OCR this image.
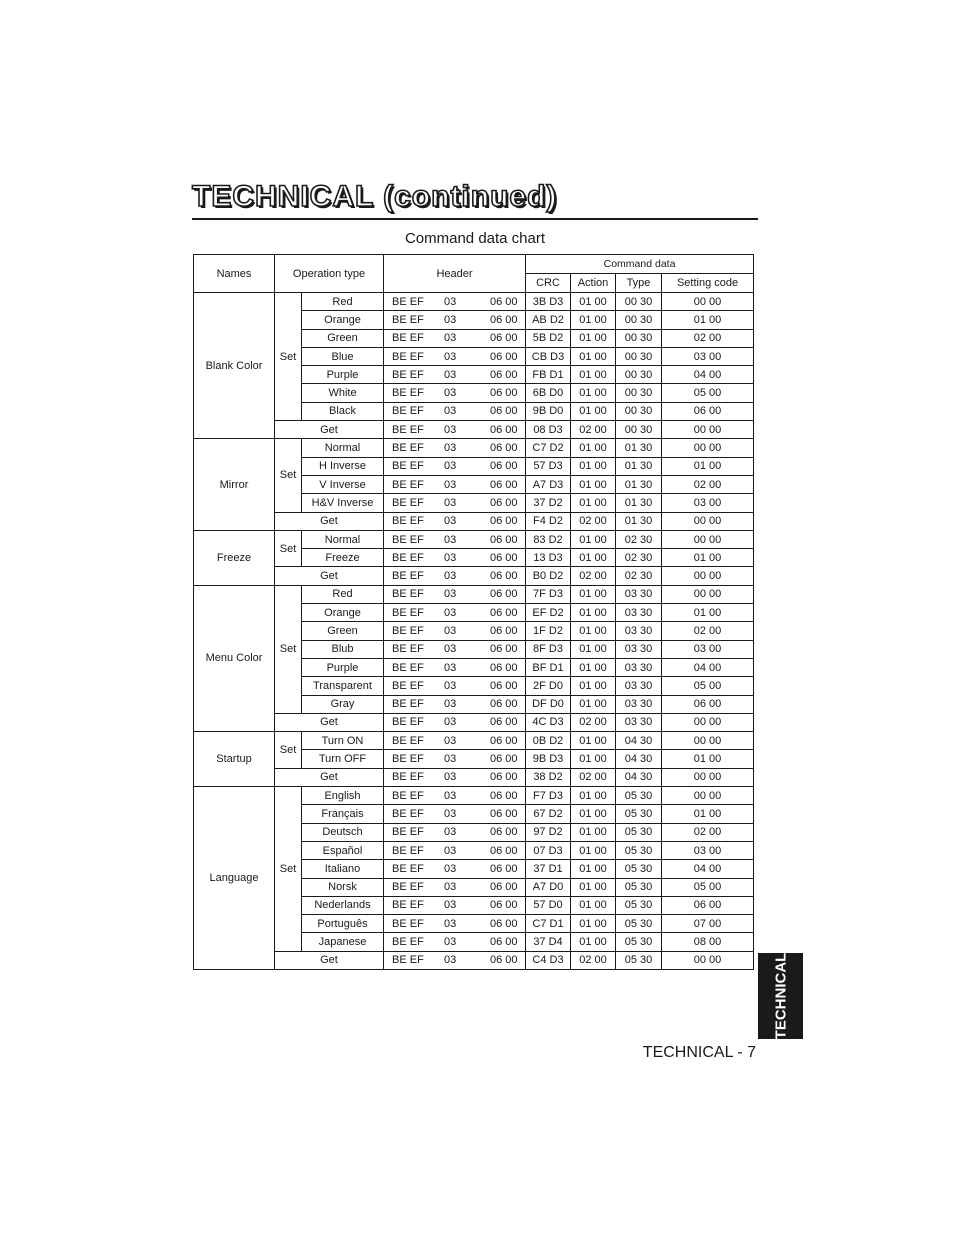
TECHNICAL (continued)
Command data chart
Names	Operation type		Header	Command data			
				CRC	Action	Type	Setting code
Blank Color	Set	Red	BE EF 03 06 00	3B D3	01 00	00 30	00 00
		Orange	BE EF 03 06 00	AB D2	01 00	00 30	01 00
		Green	BE EF 03 06 00	5B D2	01 00	00 30	02 00
		Blue	BE EF 03 06 00	CB D3	01 00	00 30	03 00
		Purple	BE EF 03 06 00	FB D1	01 00	00 30	04 00
		White	BE EF 03 06 00	6B D0	01 00	00 30	05 00
		Black	BE EF 03 06 00	9B D0	01 00	00 30	06 00
	Get		BE EF 03 06 00	08 D3	02 00	00 30	00 00
Mirror	Set	Normal	BE EF 03 06 00	C7 D2	01 00	01 30	00 00
		H Inverse	BE EF 03 06 00	57 D3	01 00	01 30	01 00
		V Inverse	BE EF 03 06 00	A7 D3	01 00	01 30	02 00
		H&V Inverse	BE EF 03 06 00	37 D2	01 00	01 30	03 00
	Get		BE EF 03 06 00	F4 D2	02 00	01 30	00 00
Freeze	Set	Normal	BE EF 03 06 00	83 D2	01 00	02 30	00 00
		Freeze	BE EF 03 06 00	13 D3	01 00	02 30	01 00
	Get		BE EF 03 06 00	B0 D2	02 00	02 30	00 00
Menu Color	Set	Red	BE EF 03 06 00	7F D3	01 00	03 30	00 00
		Orange	BE EF 03 06 00	EF D2	01 00	03 30	01 00
		Green	BE EF 03 06 00	1F D2	01 00	03 30	02 00
		Blub	BE EF 03 06 00	8F D3	01 00	03 30	03 00
		Purple	BE EF 03 06 00	BF D1	01 00	03 30	04 00
		Transparent	BE EF 03 06 00	2F D0	01 00	03 30	05 00
		Gray	BE EF 03 06 00	DF D0	01 00	03 30	06 00
	Get		BE EF 03 06 00	4C D3	02 00	03 30	00 00
Startup	Set	Turn ON	BE EF 03 06 00	0B D2	01 00	04 30	00 00
		Turn OFF	BE EF 03 06 00	9B D3	01 00	04 30	01 00
	Get		BE EF 03 06 00	38 D2	02 00	04 30	00 00
Language	Set	English	BE EF 03 06 00	F7 D3	01 00	05 30	00 00
		Français	BE EF 03 06 00	67 D2	01 00	05 30	01 00
		Deutsch	BE EF 03 06 00	97 D2	01 00	05 30	02 00
		Español	BE EF 03 06 00	07 D3	01 00	05 30	03 00
		Italiano	BE EF 03 06 00	37 D1	01 00	05 30	04 00
		Norsk	BE EF 03 06 00	A7 D0	01 00	05 30	05 00
		Nederlands	BE EF 03 06 00	57 D0	01 00	05 30	06 00
		Português	BE EF 03 06 00	C7 D1	01 00	05 30	07 00
		Japanese	BE EF 03 06 00	37 D4	01 00	05 30	08 00
	Get		BE EF 03 06 00	C4 D3	02 00	05 30	00 00	TECHNICAL
TECHNICAL - 7
